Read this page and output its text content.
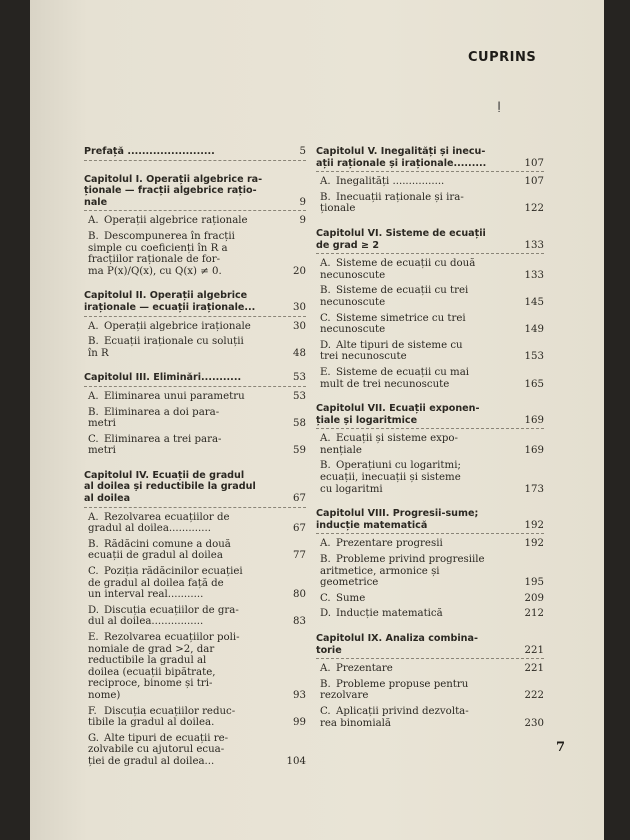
CUPRINS
ǃ
Prefață ........................	5
Capitolul I. Operații algebrice ra-
ționale — fracții algebrice rațio-
nale	9
A. Operații algebrice raționale	9
B. Descompunerea în fracții
simple cu coeficienți în R a
fracțiilor raționale de for-
ma P(x)/Q(x), cu Q(x) ≠ 0.	20
Capitolul II. Operații algebrice
iraționale — ecuații iraționale...	30
A. Operații algebrice iraționale	30
B. Ecuații iraționale cu soluții
în R	48
Capitolul III. Eliminări...........	53
A. Eliminarea unui parametru	53
B. Eliminarea a doi para-
metri	58
C. Eliminarea a trei para-
metri	59
Capitolul IV. Ecuații de gradul
al doilea și reductibile la gradul
al doilea	67
A. Rezolvarea ecuațiilor de
gradul al doilea.............	67
B. Rădăcini comune a două
ecuații de gradul al doilea	77
C. Poziția rădăcinilor ecuației
de gradul al doilea față de
un interval real...........	80
D. Discuția ecuațiilor de gra-
dul al doilea................	83
E. Rezolvarea ecuațiilor poli-
nomiale de grad >2, dar
reductibile la gradul al
doilea (ecuații bipătrate,
reciproce, binome și tri-
nome)	93
F. Discuția ecuațiilor reduc-
tibile la gradul al doilea.	99
G. Alte tipuri de ecuații re-
zolvabile cu ajutorul ecua-
ției de gradul al doilea...	104
Capitolul V. Inegalități și inecu-
ații raționale și iraționale.........	107
A. Inegalități ................	107
B. Inecuații raționale și ira-
ționale	122
Capitolul VI. Sisteme de ecuații
de grad ≥ 2	133
A. Sisteme de ecuații cu două
necunoscute	133
B. Sisteme de ecuații cu trei
necunoscute	145
C. Sisteme simetrice cu trei
necunoscute	149
D. Alte tipuri de sisteme cu
trei necunoscute	153
E. Sisteme de ecuații cu mai
mult de trei necunoscute	165
Capitolul VII. Ecuații exponen-
țiale și logaritmice	169
A. Ecuații și sisteme expo-
nențiale	169
B. Operațiuni cu logaritmi;
ecuații, inecuații și sisteme
cu logaritmi	173
Capitolul VIII. Progresii-sume;
inducție matematică	192
A. Prezentare progresii	192
B. Probleme privind progresiile
aritmetice, armonice și
geometrice	195
C. Sume	209
D. Inducție matematică	212
Capitolul IX. Analiza combina-
torie	221
A. Prezentare	221
B. Probleme propuse pentru
rezolvare	222
C. Aplicații privind dezvolta-
rea binomială	230
7
